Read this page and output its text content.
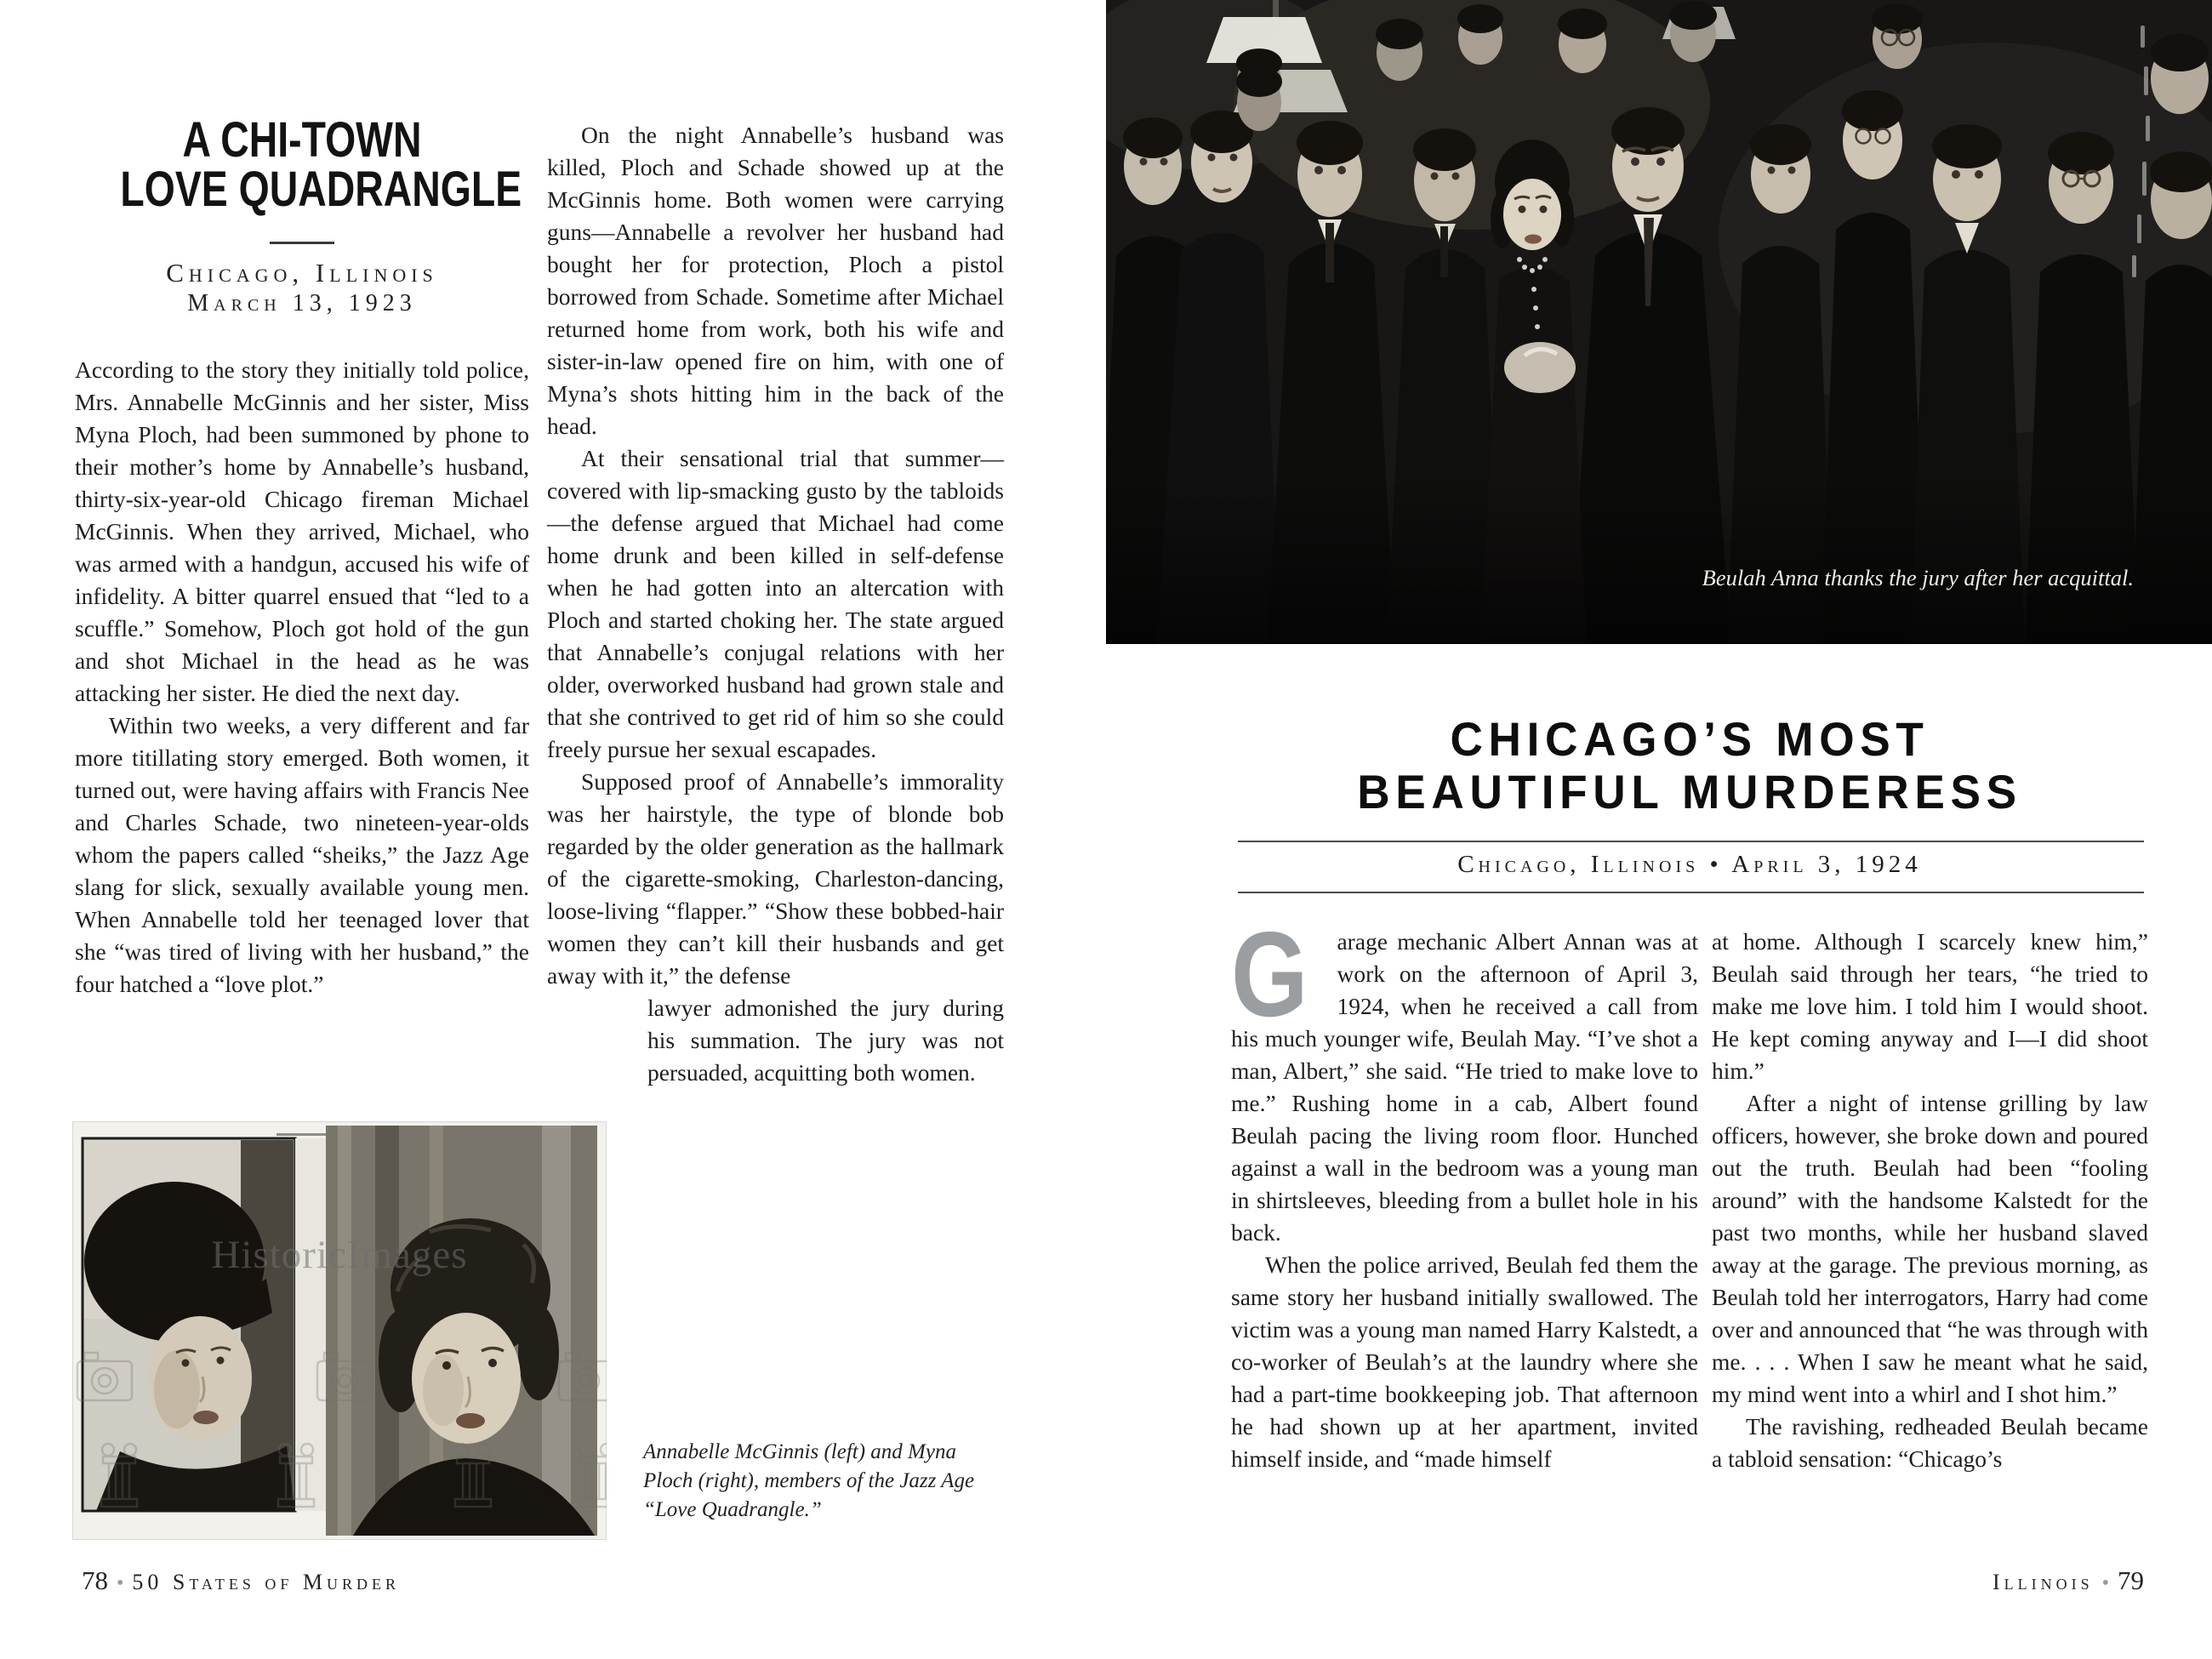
A CHI-TOWN
LOVE QUADRANGLE
Chicago, Illinois
March 13, 1923

According to the story they initially told police, Mrs. Annabelle McGinnis and her sister, Miss Myna Ploch, had been summoned by phone to their mother’s home by Annabelle’s husband, thirty-six-year-old Chicago fireman Michael McGinnis. When they arrived, Michael, who was armed with a handgun, accused his wife of infidelity. A bitter quarrel ensued that “led to a scuffle.” Somehow, Ploch got hold of the gun and shot Michael in the head as he was attacking her sister. He died the next day.

Within two weeks, a very different and far more titillating story emerged. Both women, it turned out, were having affairs with Francis Nee and Charles Schade, two nineteen-year-olds whom the papers called “sheiks,” the Jazz Age slang for slick, sexually available young men. When Annabelle told her teenaged lover that she “was tired of living with her husband,” the four hatched a “love plot.”

On the night Annabelle’s husband was killed, Ploch and Schade showed up at the McGinnis home. Both women were carrying guns—Annabelle a revolver her husband had bought her for protection, Ploch a pistol borrowed from Schade. Sometime after Michael returned home from work, both his wife and sister-in-law opened fire on him, with one of Myna’s shots hitting him in the back of the head.

At their sensational trial that summer—covered with lip-smacking gusto by the tabloids—the defense argued that Michael had come home drunk and been killed in self-defense when he had gotten into an altercation with Ploch and started choking her. The state argued that Annabelle’s conjugal relations with her older, overworked husband had grown stale and that she contrived to get rid of him so she could freely pursue her sexual escapades.

Supposed proof of Annabelle’s immorality was her hairstyle, the type of blonde bob regarded by the older generation as the hallmark of the cigarette-smoking, Charleston-dancing, loose-living “flapper.” “Show these bobbed-hair women they can’t kill their husbands and get away with it,” the defense

lawyer admonished the jury during his summation. The jury was not persuaded, acquitting both women.

HistoricImages
Annabelle McGinnis (left) and Myna Ploch (right), members of the Jazz Age “Love Quadrangle.”
78 • 50 States of Murder
Beulah Anna thanks the jury after her acquittal.
CHICAGO’S MOST
BEAUTIFUL MURDERESS
Chicago, Illinois • April 3, 1924

G	arage mechanic Albert Annan was at work on the afternoon of April 3, 1924, when he received a call from his much younger wife, Beulah May. “I’ve shot a man, Albert,” she said. “He tried to make love to me.” Rushing home in a cab, Albert found Beulah pacing the living room floor. Hunched against a wall in the bedroom was a young man in shirtsleeves, bleeding from a bullet hole in his back.

When the police arrived, Beulah fed them the same story her husband initially swallowed. The victim was a young man named Harry Kalstedt, a co-worker of Beulah’s at the laundry where she had a part-time bookkeeping job. That afternoon he had shown up at her apartment, invited himself inside, and “made himself

at home. Although I scarcely knew him,” Beulah said through her tears, “he tried to make me love him. I told him I would shoot. He kept coming anyway and I—I did shoot him.”

After a night of intense grilling by law officers, however, she broke down and poured out the truth. Beulah had been “fooling around” with the handsome Kalstedt for the past two months, while her husband slaved away at the garage. The previous morning, as Beulah told her interrogators, Harry had come over and announced that “he was through with me. . . . When I saw he meant what he said, my mind went into a whirl and I shot him.”

The ravishing, redheaded Beulah became a tabloid sensation: “Chicago’s

Illinois • 79
